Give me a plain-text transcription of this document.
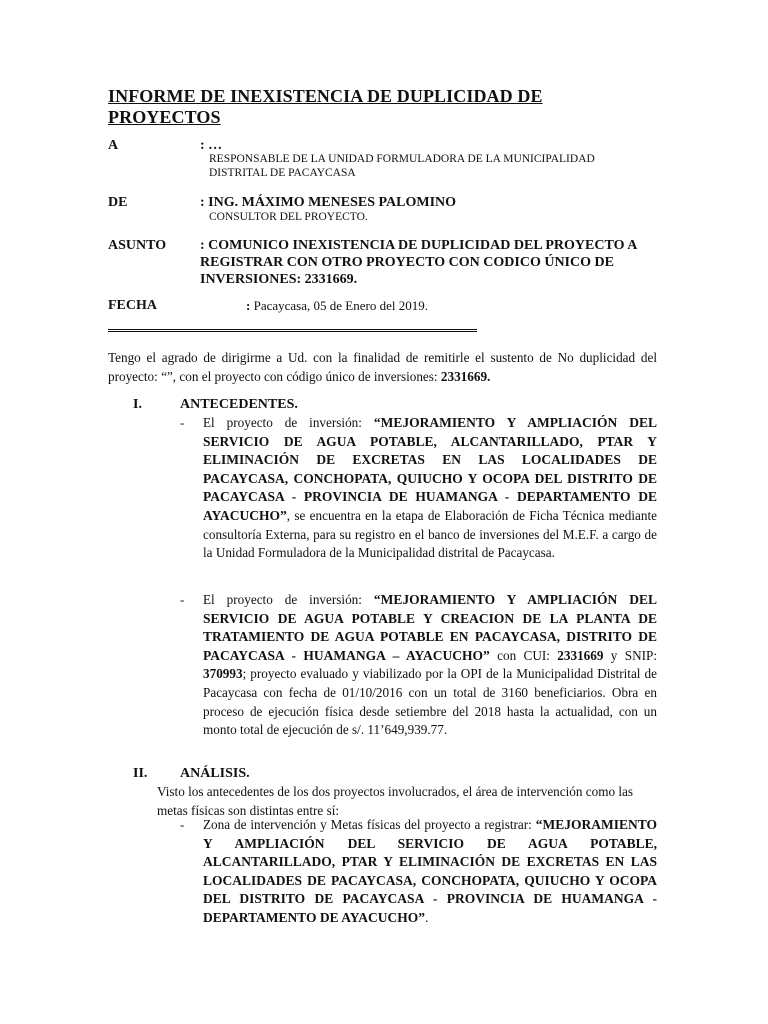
INFORME DE INEXISTENCIA DE DUPLICIDAD DE
PROYECTOS
A	: …
RESPONSABLE DE LA UNIDAD FORMULADORA DE LA MUNICIPALIDAD
DISTRITAL DE PACAYCASA
DE	: ING. MÁXIMO MENESES PALOMINO
CONSULTOR DEL PROYECTO.
ASUNTO : COMUNICO INEXISTENCIA DE DUPLICIDAD DEL PROYECTO A
REGISTRAR CON OTRO PROYECTO CON CODICO ÚNICO DE
INVERSIONES: 2331669.
FECHA	: Pacaycasa, 05 de Enero del 2019.

Tengo el agrado de dirigirme a Ud. con la finalidad de remitirle el sustento de No duplicidad del proyecto: “”, con el proyecto con código único de inversiones: 2331669.

I.	ANTECEDENTES.
- El proyecto de inversión: “MEJORAMIENTO Y AMPLIACIÓN DEL SERVICIO DE AGUA POTABLE, ALCANTARILLADO, PTAR Y ELIMINACIÓN DE EXCRETAS EN LAS LOCALIDADES DE PACAYCASA, CONCHOPATA, QUIUCHO Y OCOPA DEL DISTRITO DE PACAYCASA - PROVINCIA DE HUAMANGA - DEPARTAMENTO DE AYACUCHO”, se encuentra en la etapa de Elaboración de Ficha Técnica mediante consultoría Externa, para su registro en el banco de inversiones del M.E.F. a cargo de la Unidad Formuladora de la Municipalidad distrital de Pacaycasa.

- El proyecto de inversión: “MEJORAMIENTO Y AMPLIACIÓN DEL SERVICIO DE AGUA POTABLE Y CREACION DE LA PLANTA DE TRATAMIENTO DE AGUA POTABLE EN PACAYCASA, DISTRITO DE PACAYCASA - HUAMANGA – AYACUCHO” con CUI: 2331669 y SNIP: 370993; proyecto evaluado y viabilizado por la OPI de la Municipalidad Distrital de Pacaycasa con fecha de 01/10/2016 con un total de 3160 beneficiarios. Obra en proceso de ejecución física desde setiembre del 2018 hasta la actualidad, con un monto total de ejecución de s/. 11’649,939.77.

II. ANÁLISIS.

Visto los antecedentes de los dos proyectos involucrados, el área de intervención como las metas físicas son distintas entre sí:

- Zona de intervención y Metas físicas del proyecto a registrar: “MEJORAMIENTO Y AMPLIACIÓN DEL SERVICIO DE AGUA POTABLE, ALCANTARILLADO, PTAR Y ELIMINACIÓN DE EXCRETAS EN LAS LOCALIDADES DE PACAYCASA, CONCHOPATA, QUIUCHO Y OCOPA DEL DISTRITO DE PACAYCASA - PROVINCIA DE HUAMANGA - DEPARTAMENTO DE AYACUCHO”.
